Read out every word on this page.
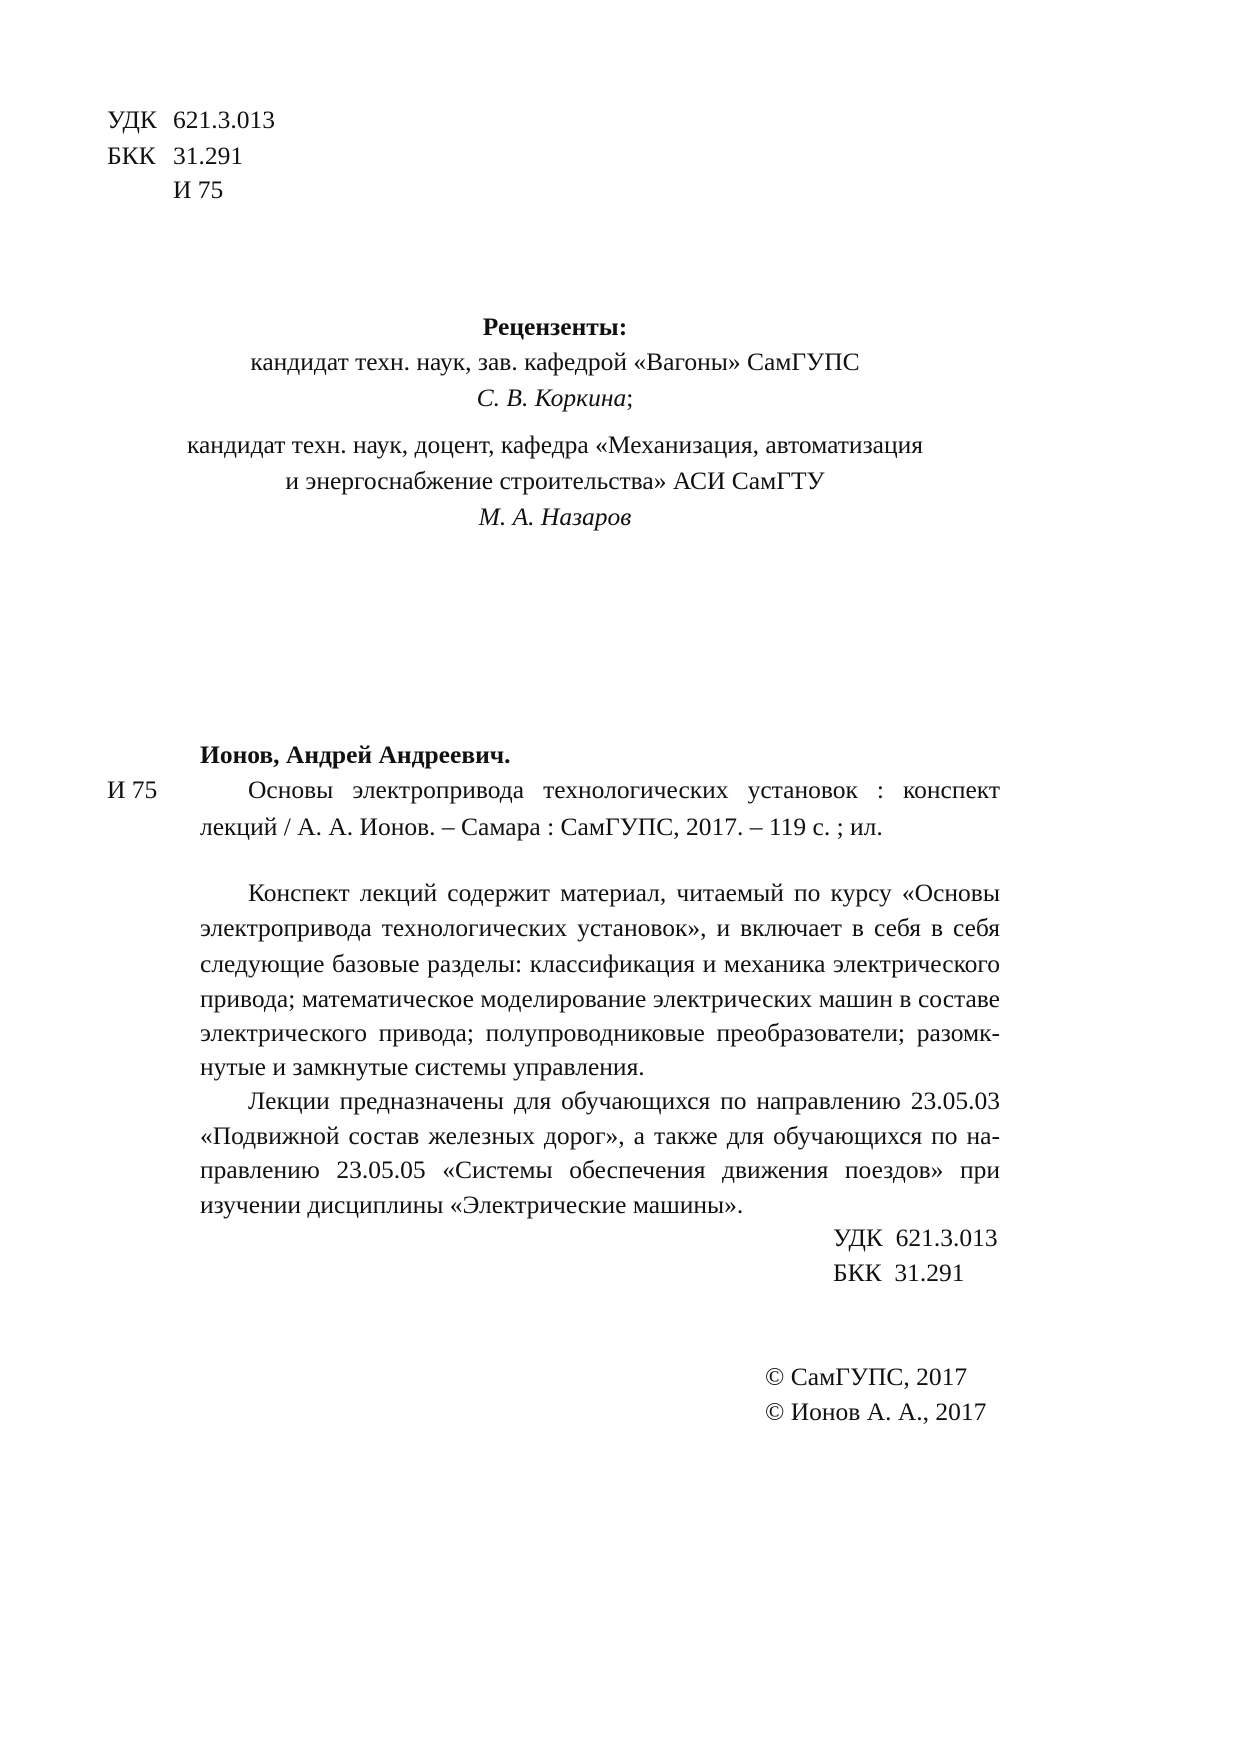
УДК 621.3.013
БКК 31.291
И 75
Рецензенты:
кандидат техн. наук, зав. кафедрой «Вагоны» СамГУПС
С. В. Коркина;
кандидат техн. наук, доцент, кафедра «Механизация, автоматизация
и энергоснабжение строительства» АСИ СамГТУ
М. А. Назаров
Ионов, Андрей Андреевич.
И 75	Основы электропривода технологических установок : конспект
лекций / А. А. Ионов. – Самара : СамГУПС, 2017. – 119 с. ; ил.
Конспект лекций содержит материал, читаемый по курсу «Основы
электропривода технологических установок», и включает в себя в себя
следующие базовые разделы: классификация и механика электрического
привода; математическое моделирование электрических машин в составе
электрического привода; полупроводниковые преобразователи; разомк-
нутые и замкнутые системы управления.
Лекции предназначены для обучающихся по направлению 23.05.03
«Подвижной состав железных дорог», а также для обучающихся по на-
правлению 23.05.05 «Системы обеспечения движения поездов» при
изучении дисциплины «Электрические машины».
УДК  621.3.013
БКК  31.291
© СамГУПС, 2017
© Ионов А. А., 2017
